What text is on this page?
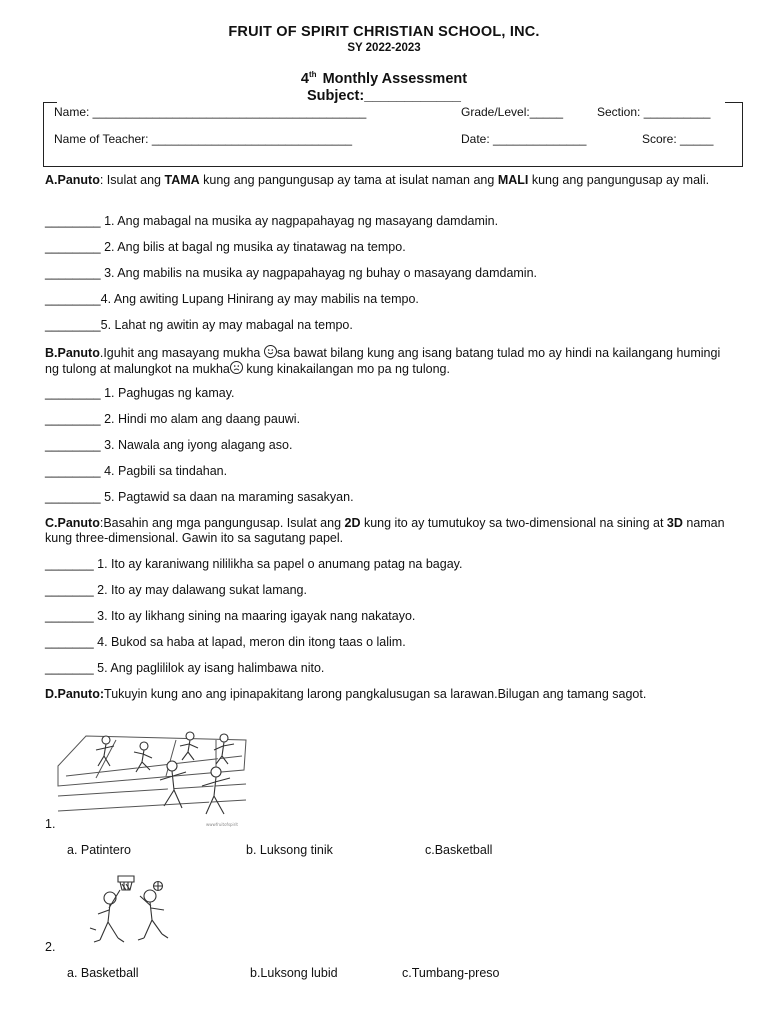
FRUIT OF SPIRIT CHRISTIAN SCHOOL, INC.
SY 2022-2023
4th Monthly Assessment
Subject:____________
Name: _________________________________________	Grade/Level:_____	Section: __________
Name of Teacher: ______________________________	Date: ______________	Score: _____
A.Panuto: Isulat ang TAMA kung ang pangungusap ay tama at isulat naman ang MALI kung ang pangungusap ay mali.
________ 1. Ang mabagal na musika ay nagpapahayag ng masayang damdamin.
________ 2. Ang bilis at bagal ng musika ay tinatawag na tempo.
________ 3. Ang mabilis na musika ay nagpapahayag ng buhay o masayang damdamin.
________4. Ang awiting Lupang Hinirang ay may mabilis na tempo.
________5. Lahat ng awitin ay may mabagal na tempo.
B.Panuto.Iguhit ang masayang mukha
sa bawat bilang kung ang isang batang tulad mo ay hindi na kailangang humingi ng tulong at malungkot na mukha
kung kinakailangan mo pa ng tulong.
________ 1. Paghugas ng kamay.
________ 2. Hindi mo alam ang daang pauwi.
________ 3. Nawala ang iyong alagang aso.
________ 4. Pagbili sa tindahan.
________ 5. Pagtawid sa daan na maraming sasakyan.
C.Panuto:Basahin ang mga pangungusap. Isulat ang 2D kung ito ay tumutukoy sa two-dimensional na sining at 3D naman kung three-dimensional. Gawin ito sa sagutang papel.
_______ 1. Ito ay karaniwang nililikha sa papel o anumang patag na bagay.
_______ 2. Ito ay may dalawang sukat lamang.
_______ 3. Ito ay likhang sining na maaring igayak nang nakatayo.
_______ 4. Bukod sa haba at lapad, meron din itong taas o lalim.
_______ 5. Ang paglililok ay isang halimbawa nito.
D.Panuto:Tukuyin kung ano ang ipinapakitang larong pangkalusugan sa larawan.Bilugan ang tamang sagot.
wwwfruitofspirit
1.
a. Patintero	b. Luksong tinik	c.Basketball
2.
a. Basketball	b.Luksong lubid	c.Tumbang-preso
